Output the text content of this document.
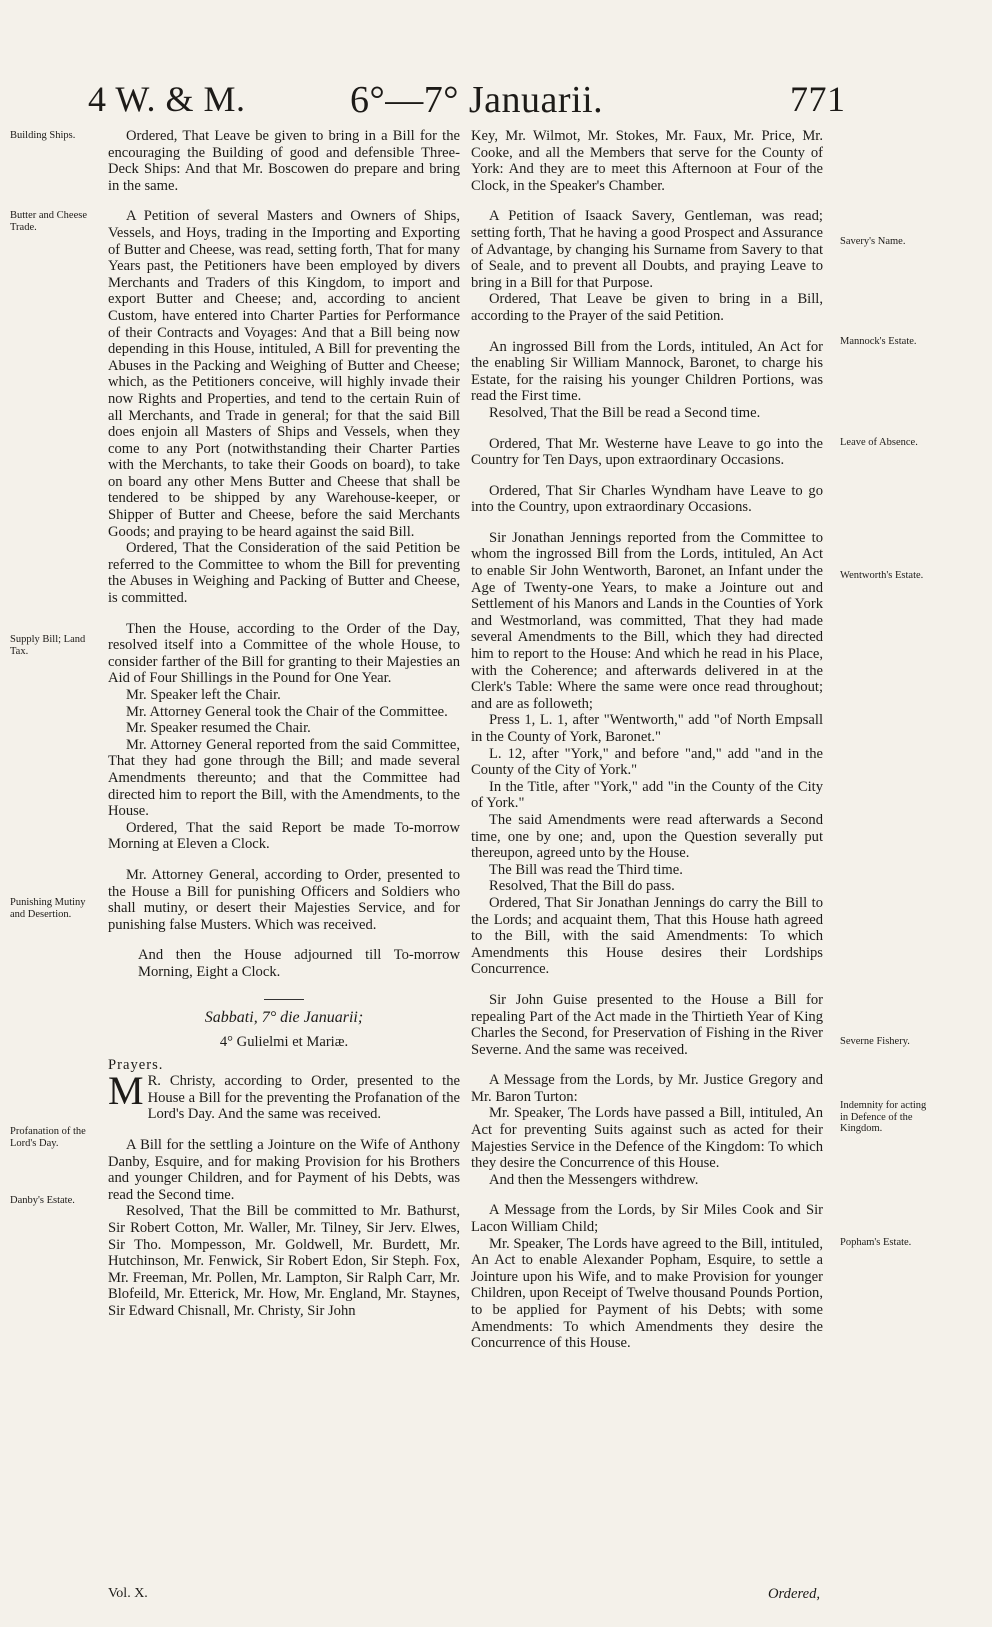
4 W. & M.	6°—7° Januarii.	771
Building Ships.
Butter and Cheese Trade.
Supply Bill; Land Tax.
Punishing Mutiny and Desertion.
Profanation of the Lord's Day.
Danby's Estate.
Savery's Name.
Mannock's Estate.
Leave of Absence.
Wentworth's Estate.
Severne Fishery.
Indemnity for acting in Defence of the Kingdom.
Popham's Estate.

Ordered, That Leave be given to bring in a Bill for the encouraging the Building of good and defensible Three-Deck Ships: And that Mr. Boscowen do prepare and bring in the same.

A Petition of several Masters and Owners of Ships, Vessels, and Hoys, trading in the Importing and Exporting of Butter and Cheese, was read, setting forth, That for many Years past, the Petitioners have been employed by divers Merchants and Traders of this Kingdom, to import and export Butter and Cheese; and, according to ancient Custom, have entered into Charter Parties for Performance of their Contracts and Voyages: And that a Bill being now depending in this House, intituled, A Bill for preventing the Abuses in the Packing and Weighing of Butter and Cheese; which, as the Petitioners conceive, will highly invade their now Rights and Properties, and tend to the certain Ruin of all Merchants, and Trade in general; for that the said Bill does enjoin all Masters of Ships and Vessels, when they come to any Port (notwithstanding their Charter Parties with the Merchants, to take their Goods on board), to take on board any other Mens Butter and Cheese that shall be tendered to be shipped by any Warehouse-keeper, or Shipper of Butter and Cheese, before the said Merchants Goods; and praying to be heard against the said Bill.

Ordered, That the Consideration of the said Petition be referred to the Committee to whom the Bill for preventing the Abuses in Weighing and Packing of Butter and Cheese, is committed.

Then the House, according to the Order of the Day, resolved itself into a Committee of the whole House, to consider farther of the Bill for granting to their Majesties an Aid of Four Shillings in the Pound for One Year.

Mr. Speaker left the Chair.

Mr. Attorney General took the Chair of the Committee.

Mr. Speaker resumed the Chair.

Mr. Attorney General reported from the said Committee, That they had gone through the Bill; and made several Amendments thereunto; and that the Committee had directed him to report the Bill, with the Amendments, to the House.

Ordered, That the said Report be made To-morrow Morning at Eleven a Clock.

Mr. Attorney General, according to Order, presented to the House a Bill for punishing Officers and Soldiers who shall mutiny, or desert their Majesties Service, and for punishing false Musters. Which was received.

And then the House adjourned till To-morrow Morning, Eight a Clock.

Sabbati, 7° die Januarii;

4° Gulielmi et Mariæ.

Prayers.

M R. Christy, according to Order, presented to the House a Bill for the preventing the Profanation of the Lord's Day. And the same was received.

A Bill for the settling a Jointure on the Wife of Anthony Danby, Esquire, and for making Provision for his Brothers and younger Children, and for Payment of his Debts, was read the Second time.

Resolved, That the Bill be committed to Mr. Bathurst, Sir Robert Cotton, Mr. Waller, Mr. Tilney, Sir Jerv. Elwes, Sir Tho. Mompesson, Mr. Goldwell, Mr. Burdett, Mr. Hutchinson, Mr. Fenwick, Sir Robert Edon, Sir Steph. Fox, Mr. Freeman, Mr. Pollen, Mr. Lampton, Sir Ralph Carr, Mr. Blofeild, Mr. Etterick, Mr. How, Mr. England, Mr. Staynes, Sir Edward Chisnall, Mr. Christy, Sir John

Key, Mr. Wilmot, Mr. Stokes, Mr. Faux, Mr. Price, Mr. Cooke, and all the Members that serve for the County of York: And they are to meet this Afternoon at Four of the Clock, in the Speaker's Chamber.

A Petition of Isaack Savery, Gentleman, was read; setting forth, That he having a good Prospect and Assurance of Advantage, by changing his Surname from Savery to that of Seale, and to prevent all Doubts, and praying Leave to bring in a Bill for that Purpose.

Ordered, That Leave be given to bring in a Bill, according to the Prayer of the said Petition.

An ingrossed Bill from the Lords, intituled, An Act for the enabling Sir William Mannock, Baronet, to charge his Estate, for the raising his younger Children Portions, was read the First time.

Resolved, That the Bill be read a Second time.

Ordered, That Mr. Westerne have Leave to go into the Country for Ten Days, upon extraordinary Occasions.

Ordered, That Sir Charles Wyndham have Leave to go into the Country, upon extraordinary Occasions.

Sir Jonathan Jennings reported from the Committee to whom the ingrossed Bill from the Lords, intituled, An Act to enable Sir John Wentworth, Baronet, an Infant under the Age of Twenty-one Years, to make a Jointure out and Settlement of his Manors and Lands in the Counties of York and Westmorland, was committed, That they had made several Amendments to the Bill, which they had directed him to report to the House: And which he read in his Place, with the Coherence; and afterwards delivered in at the Clerk's Table: Where the same were once read throughout; and are as followeth;

Press 1, L. 1, after "Wentworth," add "of North Empsall in the County of York, Baronet."

L. 12, after "York," and before "and," add "and in the County of the City of York."

In the Title, after "York," add "in the County of the City of York."

The said Amendments were read afterwards a Second time, one by one; and, upon the Question severally put thereupon, agreed unto by the House.

The Bill was read the Third time.

Resolved, That the Bill do pass.

Ordered, That Sir Jonathan Jennings do carry the Bill to the Lords; and acquaint them, That this House hath agreed to the Bill, with the said Amendments: To which Amendments this House desires their Lordships Concurrence.

Sir John Guise presented to the House a Bill for repealing Part of the Act made in the Thirtieth Year of King Charles the Second, for Preservation of Fishing in the River Severne. And the same was received.

A Message from the Lords, by Mr. Justice Gregory and Mr. Baron Turton:

Mr. Speaker, The Lords have passed a Bill, intituled, An Act for preventing Suits against such as acted for their Majesties Service in the Defence of the Kingdom: To which they desire the Concurrence of this House.

And then the Messengers withdrew.

A Message from the Lords, by Sir Miles Cook and Sir Lacon William Child;

Mr. Speaker, The Lords have agreed to the Bill, intituled, An Act to enable Alexander Popham, Esquire, to settle a Jointure upon his Wife, and to make Provision for younger Children, upon Receipt of Twelve thousand Pounds Portion, to be applied for Payment of his Debts; with some Amendments: To which Amendments they desire the Concurrence of this House.

Vol. X.	Ordered,
